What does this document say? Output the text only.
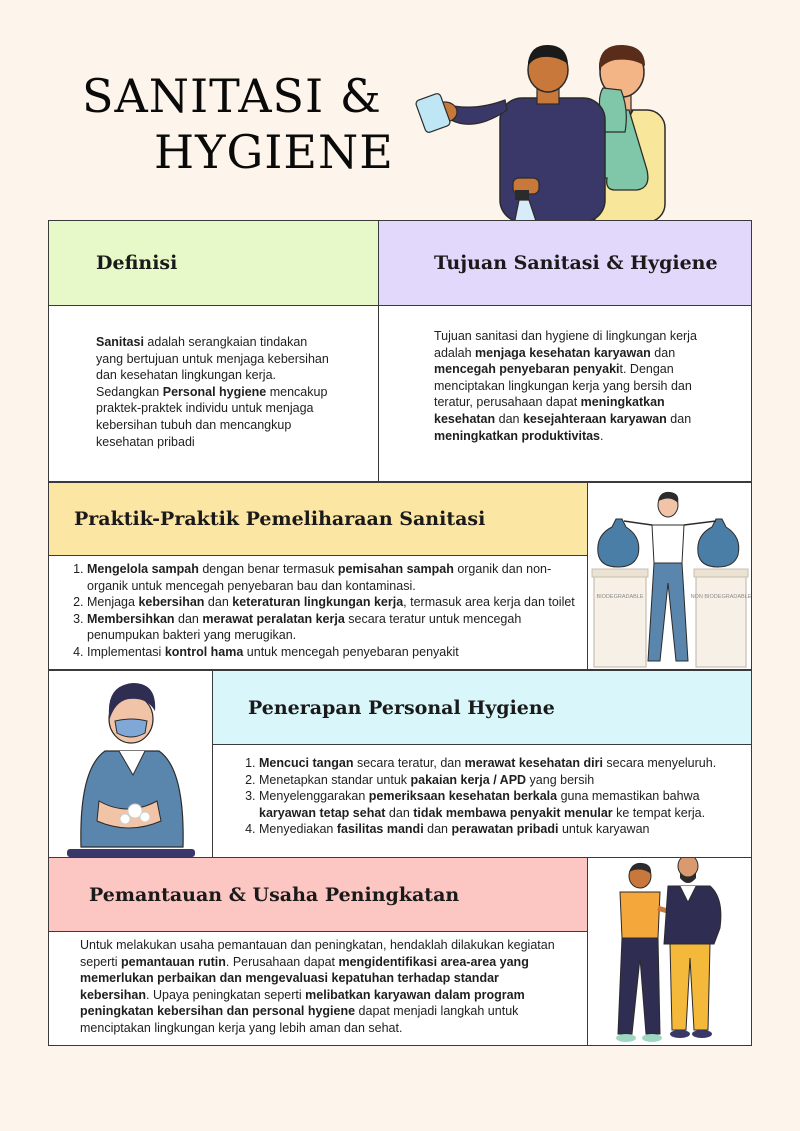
SANITASI &
HYGIENE
Definisi

Sanitasi adalah serangkaian tindakan yang bertujuan untuk menjaga kebersihan dan kesehatan lingkungan kerja. Sedangkan Personal hygiene mencakup praktek-praktek individu untuk menjaga kebersihan tubuh dan mencangkup kesehatan pribadi

Tujuan Sanitasi & Hygiene

Tujuan sanitasi dan hygiene di lingkungan kerja adalah menjaga kesehatan karyawan dan mencegah penyebaran penyakit. Dengan menciptakan lingkungan kerja yang bersih dan teratur, perusahaan dapat meningkatkan kesehatan dan kesejahteraan karyawan dan meningkatkan produktivitas.

Praktik-Praktik Pemeliharaan Sanitasi
1. Mengelola sampah dengan benar termasuk pemisahan sampah organik dan non-organik untuk mencegah penyebaran bau dan kontaminasi.
2. Menjaga kebersihan dan keteraturan lingkungan kerja, termasuk area kerja dan toilet
3. Membersihkan dan merawat peralatan kerja secara teratur untuk mencegah penumpukan bakteri yang merugikan.
4. Implementasi kontrol hama untuk mencegah penyebaran penyakit
BIODEGRADABLE	NON BIODEGRADABLE
Penerapan Personal Hygiene
1. Mencuci tangan secara teratur, dan merawat kesehatan diri secara menyeluruh.
2. Menetapkan standar untuk pakaian kerja / APD yang bersih
3. Menyelenggarakan pemeriksaan kesehatan berkala guna memastikan bahwa karyawan tetap sehat dan tidak membawa penyakit menular ke tempat kerja.
4. Menyediakan fasilitas mandi dan perawatan pribadi untuk karyawan
Pemantauan & Usaha Peningkatan

Untuk melakukan usaha pemantauan dan peningkatan, hendaklah dilakukan kegiatan seperti pemantauan rutin. Perusahaan dapat mengidentifikasi area-area yang memerlukan perbaikan dan mengevaluasi kepatuhan terhadap standar kebersihan. Upaya peningkatan seperti melibatkan karyawan dalam program peningkatan kebersihan dan personal hygiene dapat menjadi langkah untuk menciptakan lingkungan kerja yang lebih aman dan sehat.
